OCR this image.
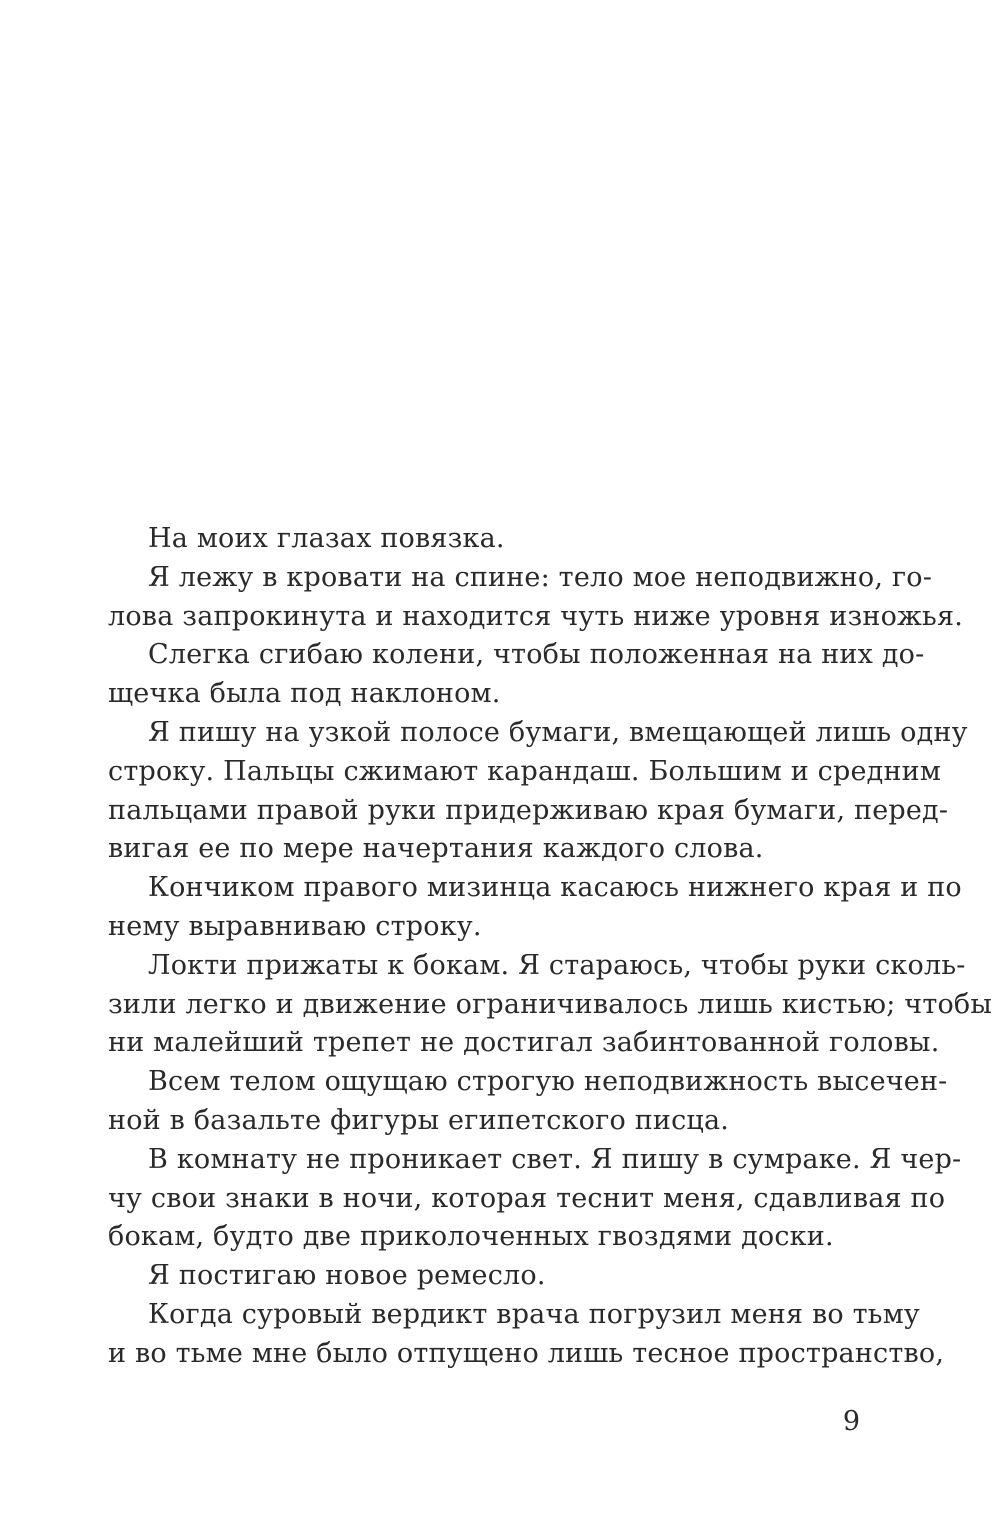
На моих глазах повязка.
Я лежу в кровати на спине: тело мое неподвижно, го-
лова запрокинута и находится чуть ниже уровня изножья.
Слегка сгибаю колени, чтобы положенная на них до-
щечка была под наклоном.
Я пишу на узкой полосе бумаги, вмещающей лишь одну
строку. Пальцы сжимают карандаш. Большим и средним
пальцами правой руки придерживаю края бумаги, перед-
вигая ее по мере начертания каждого слова.
Кончиком правого мизинца касаюсь нижнего края и по
нему выравниваю строку.
Локти прижаты к бокам. Я стараюсь, чтобы руки сколь-
зили легко и движение ограничивалось лишь кистью; чтобы
ни малейший трепет не достигал забинтованной головы.
Всем телом ощущаю строгую неподвижность высечен-
ной в базальте фигуры египетского писца.
В комнату не проникает свет. Я пишу в сумраке. Я чер-
чу свои знаки в ночи, которая теснит меня, сдавливая по
бокам, будто две приколоченных гвоздями доски.
Я постигаю новое ремесло.
Когда суровый вердикт врача погрузил меня во тьму
и во тьме мне было отпущено лишь тесное пространство,
9
